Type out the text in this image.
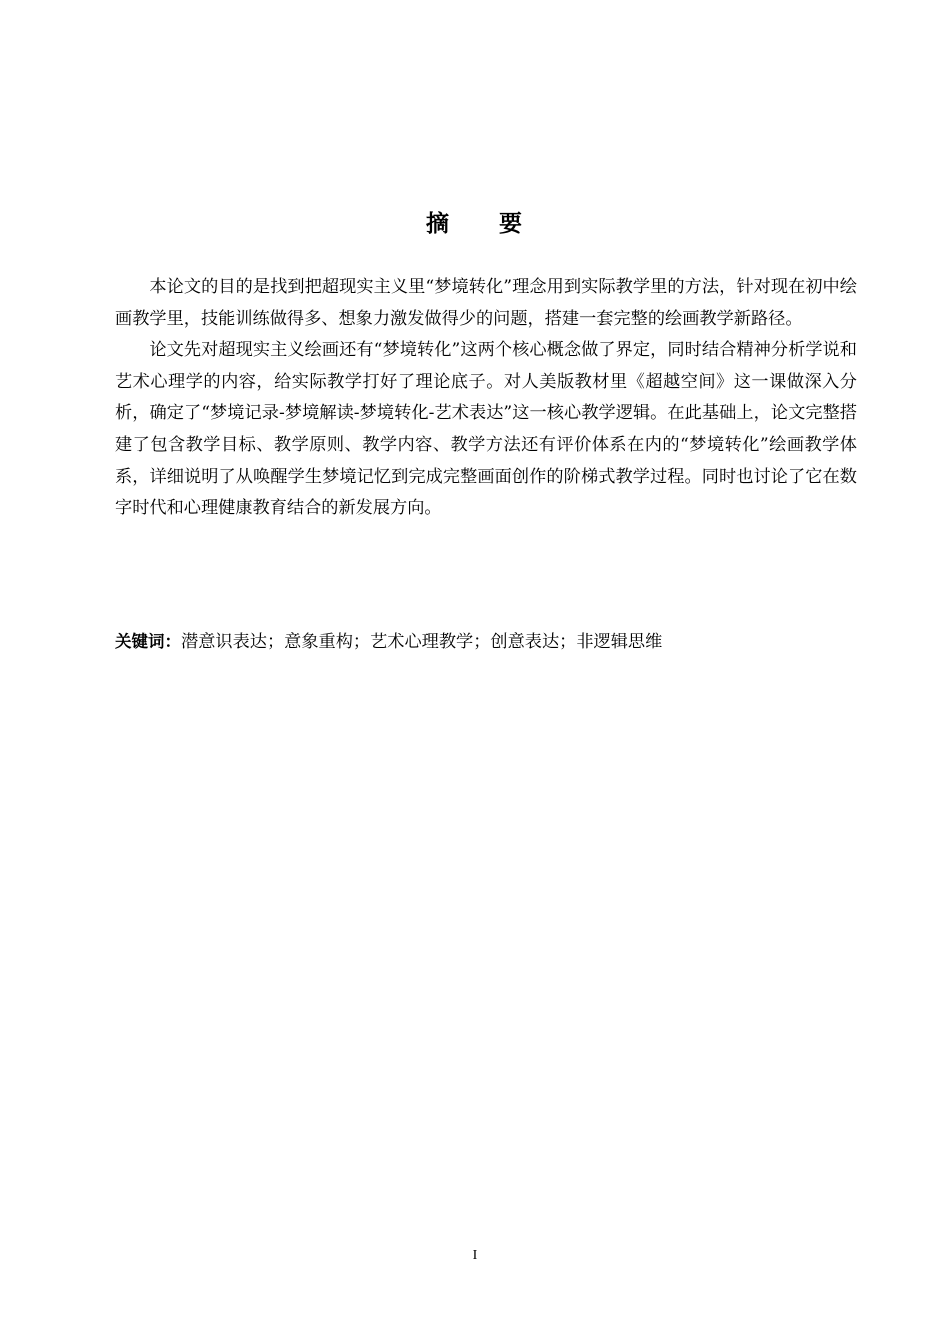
摘 要

本论文的目的是找到把超现实主义里“梦境转化”理念用到实际教学里的方法，针对现在初中绘画教学里，技能训练做得多、想象力激发做得少的问题，搭建一套完整的绘画教学新路径。

论文先对超现实主义绘画还有“梦境转化”这两个核心概念做了界定，同时结合精神分析学说和艺术心理学的内容，给实际教学打好了理论底子。对人美版教材里《超越空间》这一课做深入分析，确定了“梦境记录-梦境解读-梦境转化-艺术表达”这一核心教学逻辑。在此基础上，论文完整搭建了包含教学目标、教学原则、教学内容、教学方法还有评价体系在内的“梦境转化”绘画教学体系，详细说明了从唤醒学生梦境记忆到完成完整画面创作的阶梯式教学过程。同时也讨论了它在数字时代和心理健康教育结合的新发展方向。

关键词：潜意识表达；意象重构；艺术心理教学；创意表达；非逻辑思维
I
